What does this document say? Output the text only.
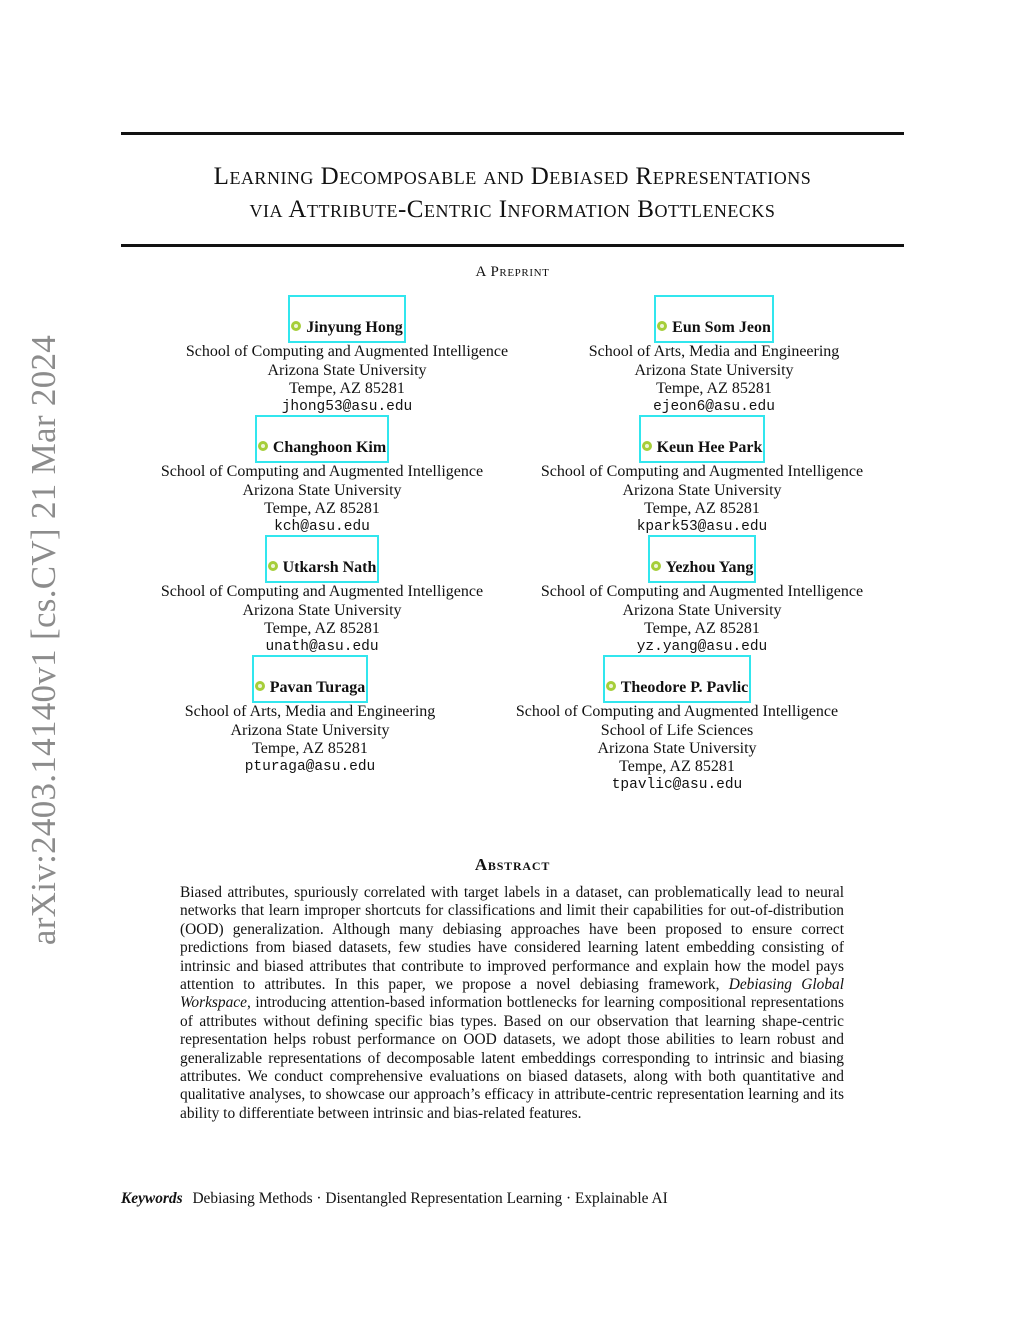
arXiv:2403.14140v1 [cs.CV] 21 Mar 2024
Learning Decomposable and Debiased Representations
via Attribute-Centric Information Bottlenecks
A Preprint
Jinyung Hong
School of Computing and Augmented Intelligence
Arizona State University
Tempe, AZ 85281
jhong53@asu.edu
Eun Som Jeon
School of Arts, Media and Engineering
Arizona State University
Tempe, AZ 85281
ejeon6@asu.edu
Changhoon Kim
School of Computing and Augmented Intelligence
Arizona State University
Tempe, AZ 85281
kch@asu.edu
Keun Hee Park
School of Computing and Augmented Intelligence
Arizona State University
Tempe, AZ 85281
kpark53@asu.edu
Utkarsh Nath
School of Computing and Augmented Intelligence
Arizona State University
Tempe, AZ 85281
unath@asu.edu
Yezhou Yang
School of Computing and Augmented Intelligence
Arizona State University
Tempe, AZ 85281
yz.yang@asu.edu
Pavan Turaga
School of Arts, Media and Engineering
Arizona State University
Tempe, AZ 85281
pturaga@asu.edu
Theodore P. Pavlic
School of Computing and Augmented Intelligence
School of Life Sciences
Arizona State University
Tempe, AZ 85281
tpavlic@asu.edu
Abstract
Biased attributes, spuriously correlated with target labels in a dataset, can problematically lead to neural networks that learn improper shortcuts for classifications and limit their capabilities for out-of-distribution (OOD) generalization. Although many debiasing approaches have been proposed to ensure correct predictions from biased datasets, few studies have considered learning latent embedding consisting of intrinsic and biased attributes that contribute to improved performance and explain how the model pays attention to attributes. In this paper, we propose a novel debiasing framework, Debiasing Global Workspace, introducing attention-based information bottlenecks for learning compositional representations of attributes without defining specific bias types. Based on our observation that learning shape-centric representation helps robust performance on OOD datasets, we adopt those abilities to learn robust and generalizable representations of decomposable latent embeddings corresponding to intrinsic and biasing attributes. We conduct comprehensive evaluations on biased datasets, along with both quantitative and qualitative analyses, to showcase our approach’s efficacy in attribute-centric representation learning and its ability to differentiate between intrinsic and bias-related features.
Keywords Debiasing Methods · Disentangled Representation Learning · Explainable AI
